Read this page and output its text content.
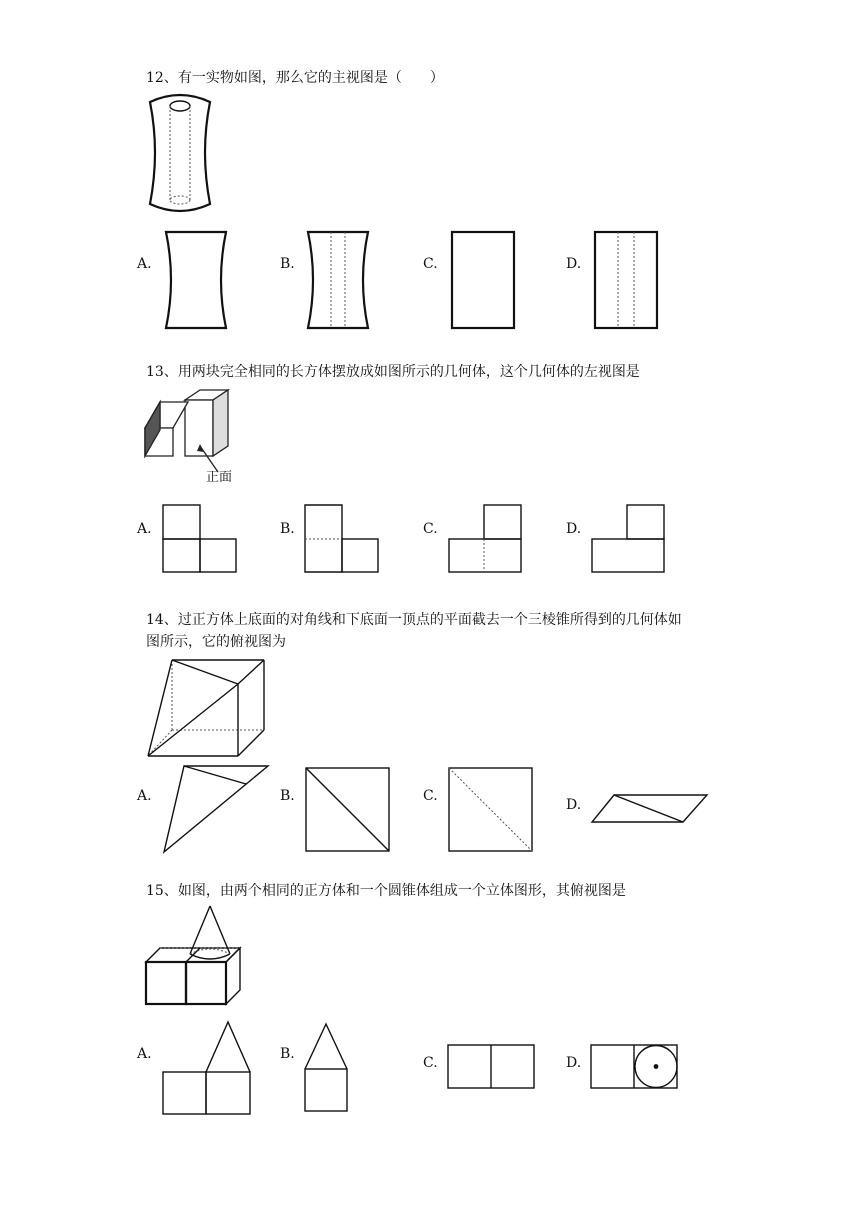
12、有一实物如图，那么它的主视图是（　　）
A.	B.	C.	D.
13、用两块完全相同的长方体摆放成如图所示的几何体，这个几何体的左视图是
正面
A.	B.	C.	D.
14、过正方体上底面的对角线和下底面一顶点的平面截去一个三棱锥所得到的几何体如
图所示，它的俯视图为
A.	B.	C.
D.
15、如图，由两个相同的正方体和一个圆锥体组成一个立体图形，其俯视图是
A.	B.
C.	D.
